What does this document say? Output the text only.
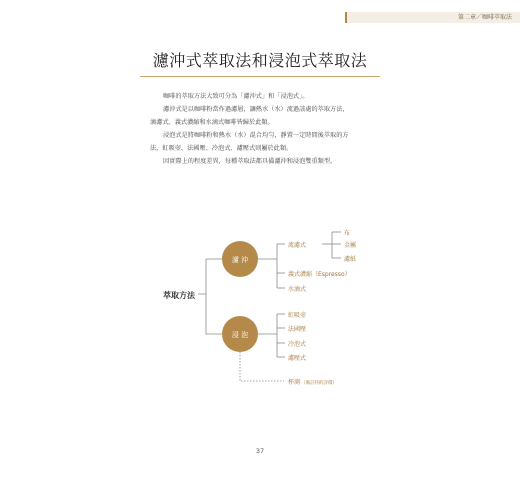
第二章／咖啡萃取法
濾沖式萃取法和浸泡式萃取法

咖啡的萃取方法大致可分為「濾沖式」和「浸泡式」。

濾沖式是以咖啡粉當作過濾層，讓熱水（水）流過該處的萃取方法，

滴濾式、義式濃縮和水滴式咖啡皆歸於此類。

浸泡式是將咖啡粉和熱水（水）混合均勻，靜置一定時間後萃取的方

法，虹吸壺、法國壓、冷泡式、濾壓式則屬於此類。

因實際上的程度差異，每種萃取法都具備濾沖和浸泡雙重類型。

萃取方法
濾 沖
浸 泡
流濾式
布
金屬
濾紙
義式濃縮（Espresso）
水滴式
虹吸壺
法國壓
冷泡式
濾壓式
杯測（備註特的評價）
37
